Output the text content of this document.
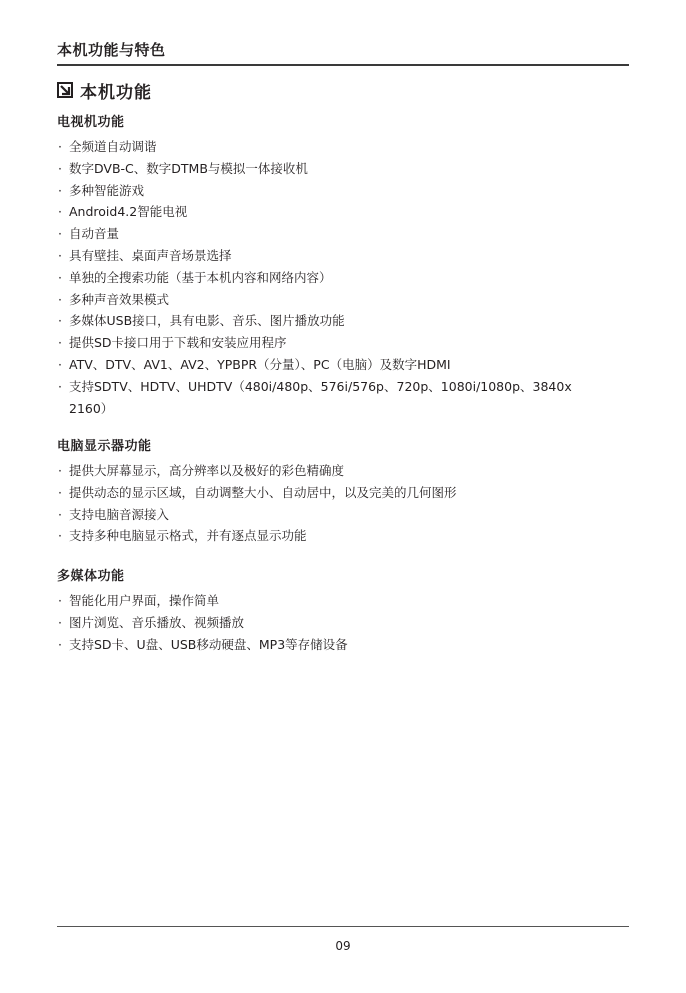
本机功能与特色
本机功能
电视机功能
· 全频道自动调谐
· 数字DVB-C、数字DTMB与模拟一体接收机
· 多种智能游戏
· Android4.2智能电视
· 自动音量
· 具有壁挂、桌面声音场景选择
· 单独的全搜索功能（基于本机内容和网络内容）
· 多种声音效果模式
· 多媒体USB接口，具有电影、音乐、图片播放功能
· 提供SD卡接口用于下载和安装应用程序
· ATV、DTV、AV1、AV2、YPBPR（分量）、PC（电脑）及数字HDMI
· 支持SDTV、HDTV、UHDTV（480i/480p、576i/576p、720p、1080i/1080p、3840x
2160）
电脑显示器功能
· 提供大屏幕显示，高分辨率以及极好的彩色精确度
· 提供动态的显示区域，自动调整大小、自动居中，以及完美的几何图形
· 支持电脑音源接入
· 支持多种电脑显示格式，并有逐点显示功能
多媒体功能
· 智能化用户界面，操作简单
· 图片浏览、音乐播放、视频播放
· 支持SD卡、U盘、USB移动硬盘、MP3等存储设备
09
